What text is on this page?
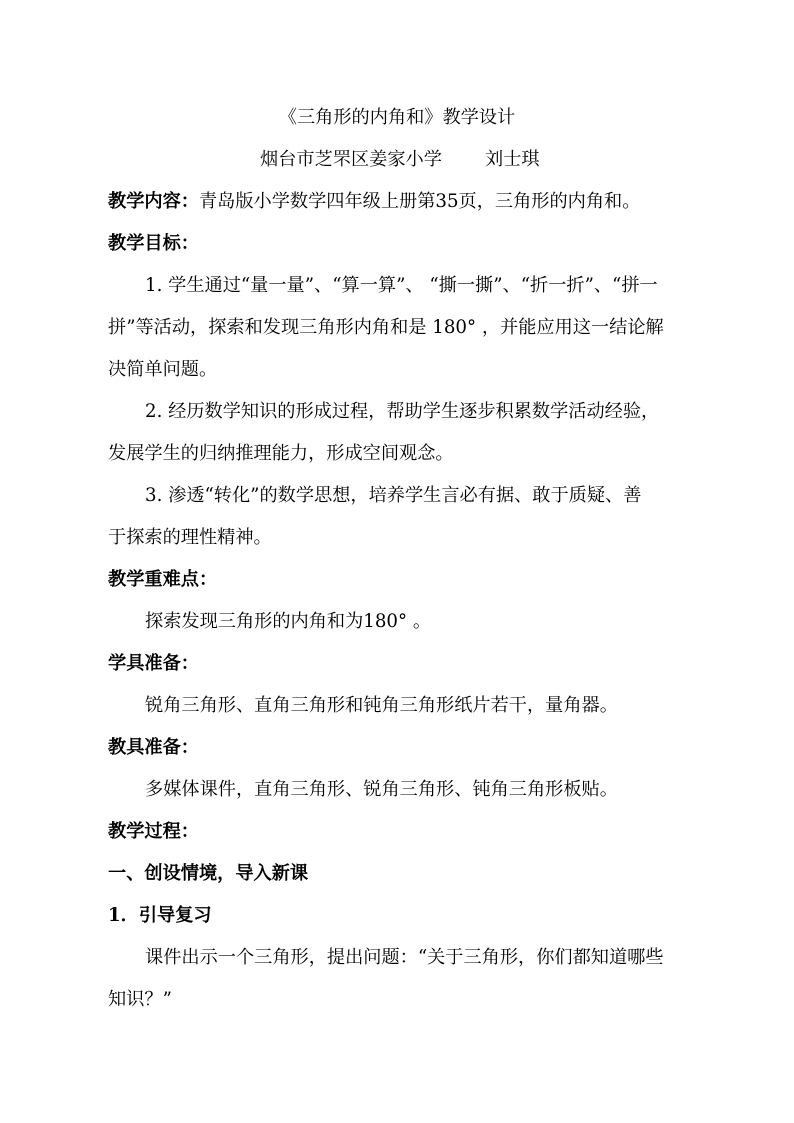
《三角形的内角和》教学设计
烟台市芝罘区姜家小学 刘士琪
教学内容：青岛版小学数学四年级上册第35页，三角形的内角和。
教学目标：
1. 学生通过“量一量”、“算一算”、 “撕一撕”、“折一折”、“拼一
拼”等活动，探索和发现三角形内角和是 180° ，并能应用这一结论解
决简单问题。
2. 经历数学知识的形成过程，帮助学生逐步积累数学活动经验，
发展学生的归纳推理能力，形成空间观念。
3. 渗透“转化”的数学思想，培养学生言必有据、敢于质疑、善
于探索的理性精神。
教学重难点：
探索发现三角形的内角和为180° 。
学具准备：
锐角三角形、直角三角形和钝角三角形纸片若干，量角器。
教具准备：
多媒体课件，直角三角形、锐角三角形、钝角三角形板贴。
教学过程：
一、创设情境，导入新课
1．引导复习
课件出示一个三角形，提出问题：“关于三角形，你们都知道哪些
知识？”
